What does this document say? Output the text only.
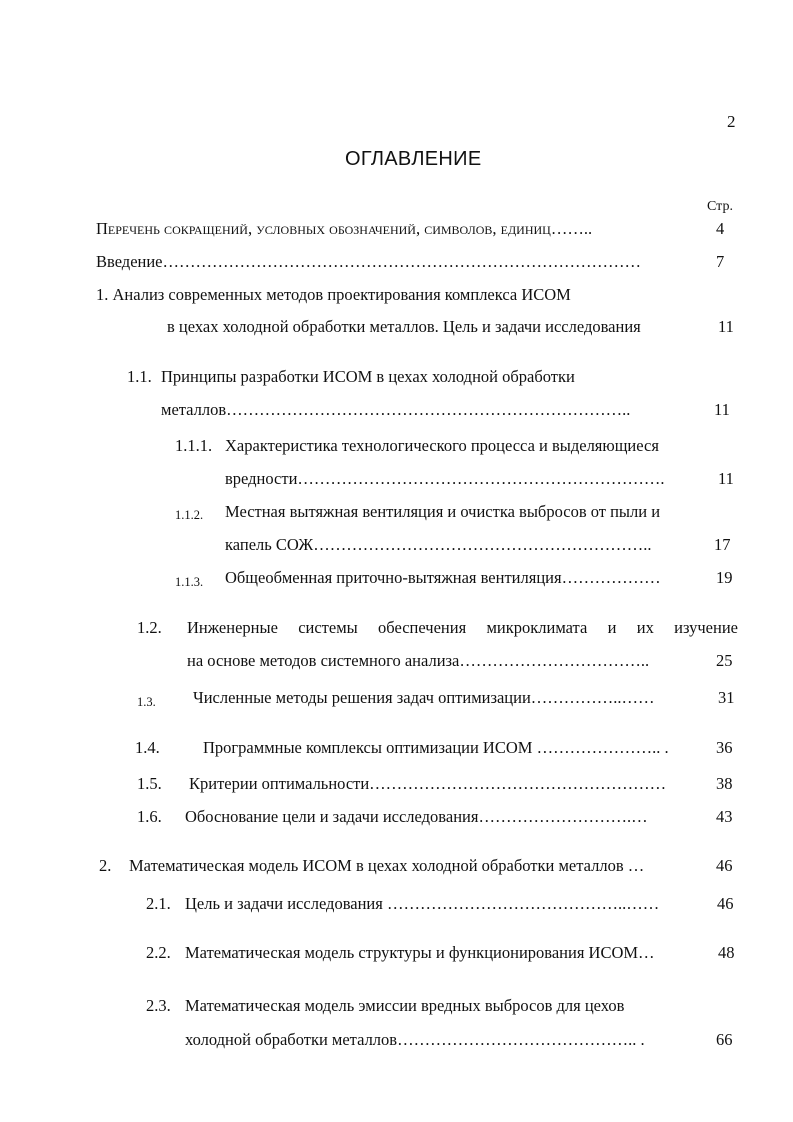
2
ОГЛАВЛЕНИЕ
Стр.
Перечень сокращений, условных обозначений, символов, единиц……..	4
Введение……………………………………………………………………………	7
1. Анализ современных методов проектирования комплекса ИСОМ
в цехах холодной обработки металлов. Цель и задачи исследования	11
1.1. Принципы разработки ИСОМ в цехах холодной обработки
металлов………………………………………………………………..	11
1.1.1. Характеристика технологического процесса и выделяющиеся
вредности………………………………………………………….	11
1.1.2. Местная вытяжная вентиляция и очистка выбросов от пыли и
капель СОЖ……………………………………………………..	17
1.1.3. Общеобменная приточно-вытяжная вентиляция………………	19
1.2. Инженерные системы обеспечения микроклимата и их изучение
на основе методов системного анализа……………………………..	25
1.3. Численные методы решения задач оптимизации……………..……	31
1.4.	Программные комплексы оптимизации ИСОМ ………………….. .	36
1.5. Критерии оптимальности………………………………………………	38
1.6. Обоснование цели и задачи исследования……………………….…	43
2. Математическая модель ИСОМ в цехах холодной обработки металлов …	46
2.1. Цель и задачи исследования ……………………………………..……	46
2.2. Математическая модель структуры и функционирования ИСОМ…	48
2.3. Математическая модель эмиссии вредных выбросов для цехов
холодной обработки металлов…………………………………….. .	66
